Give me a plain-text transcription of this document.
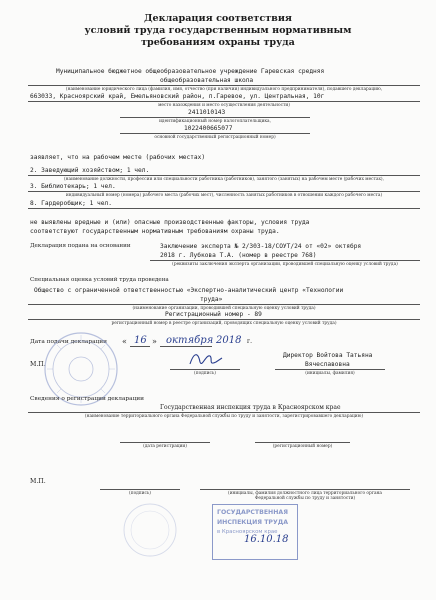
Декларация соответствия
условий труда государственным нормативным
требованиям охраны труда
Муниципальное бюджетное общеобразовательное учреждение Гаревская средняя
общеобразовательная школа
(наименование юридического лица (фамилия, имя, отчество (при наличии) индивидуального предпринимателя), подавшего декларацию,
663033, Красноярский край, Емельяновский район, п.Гаревое, ул. Центральная, 10г
место нахождения и место осуществления деятельности)
2411010143
идентификационный номер налогоплательщика,
1022400665077
основной государственный регистрационный номер)
заявляет, что на рабочем месте (рабочих местах)
2. Заведующий хозяйством; 1 чел.
(наименование должности, профессии или специальности работника (работников), занятого (занятых) на рабочем месте (рабочих местах),
3. Библиотекарь; 1 чел.
индивидуальный номер (номера) рабочего места (рабочих мест), численность занятых работников в отношении каждого рабочего места)
8. Гардеробщик; 1 чел.
не выявлены вредные и (или) опасные производственные факторы, условия труда
соответствуют государственным нормативным требованиям охраны труда.
Декларация подана на основании	Заключение эксперта № 2/303-18/СОУТ/24 от «02» октября
2018 г. Лубкова Т.А. (номер в реестре 768)
(реквизиты заключения эксперта организации, проводившей специальную оценку условий труда)
Специальная оценка условий труда проведена
Общество с ограниченной ответственностью «Экспертно-аналитический центр «Технологии
труда»
(наименование организации, проводившей специальную оценку условий труда)
Регистрационный номер - 89
регистрационный номер в реестре организаций, проводящих специальную оценку условий труда)
Дата подачи декларации « 16 » октября 2018 г.
Директор Войтова Татьяна
Вячеславовна
(инициалы, фамилия)
(подпись)
М.П.
Сведения о регистрации декларации
Государственная инспекция труда в Красноярском крае
(наименование территориального органа Федеральной службы по труду и занятости, зарегистрировавшего декларацию)
(дата регистрации)	(регистрационный номер)
М.П.
(подпись)	(инициалы, фамилия должностного лица территориального органа
Федеральной службы по труду и занятости)
ГОСУДАРСТВЕННАЯ
ИНСПЕКЦИЯ ТРУДА
в Красноярском крае
16.10.18
